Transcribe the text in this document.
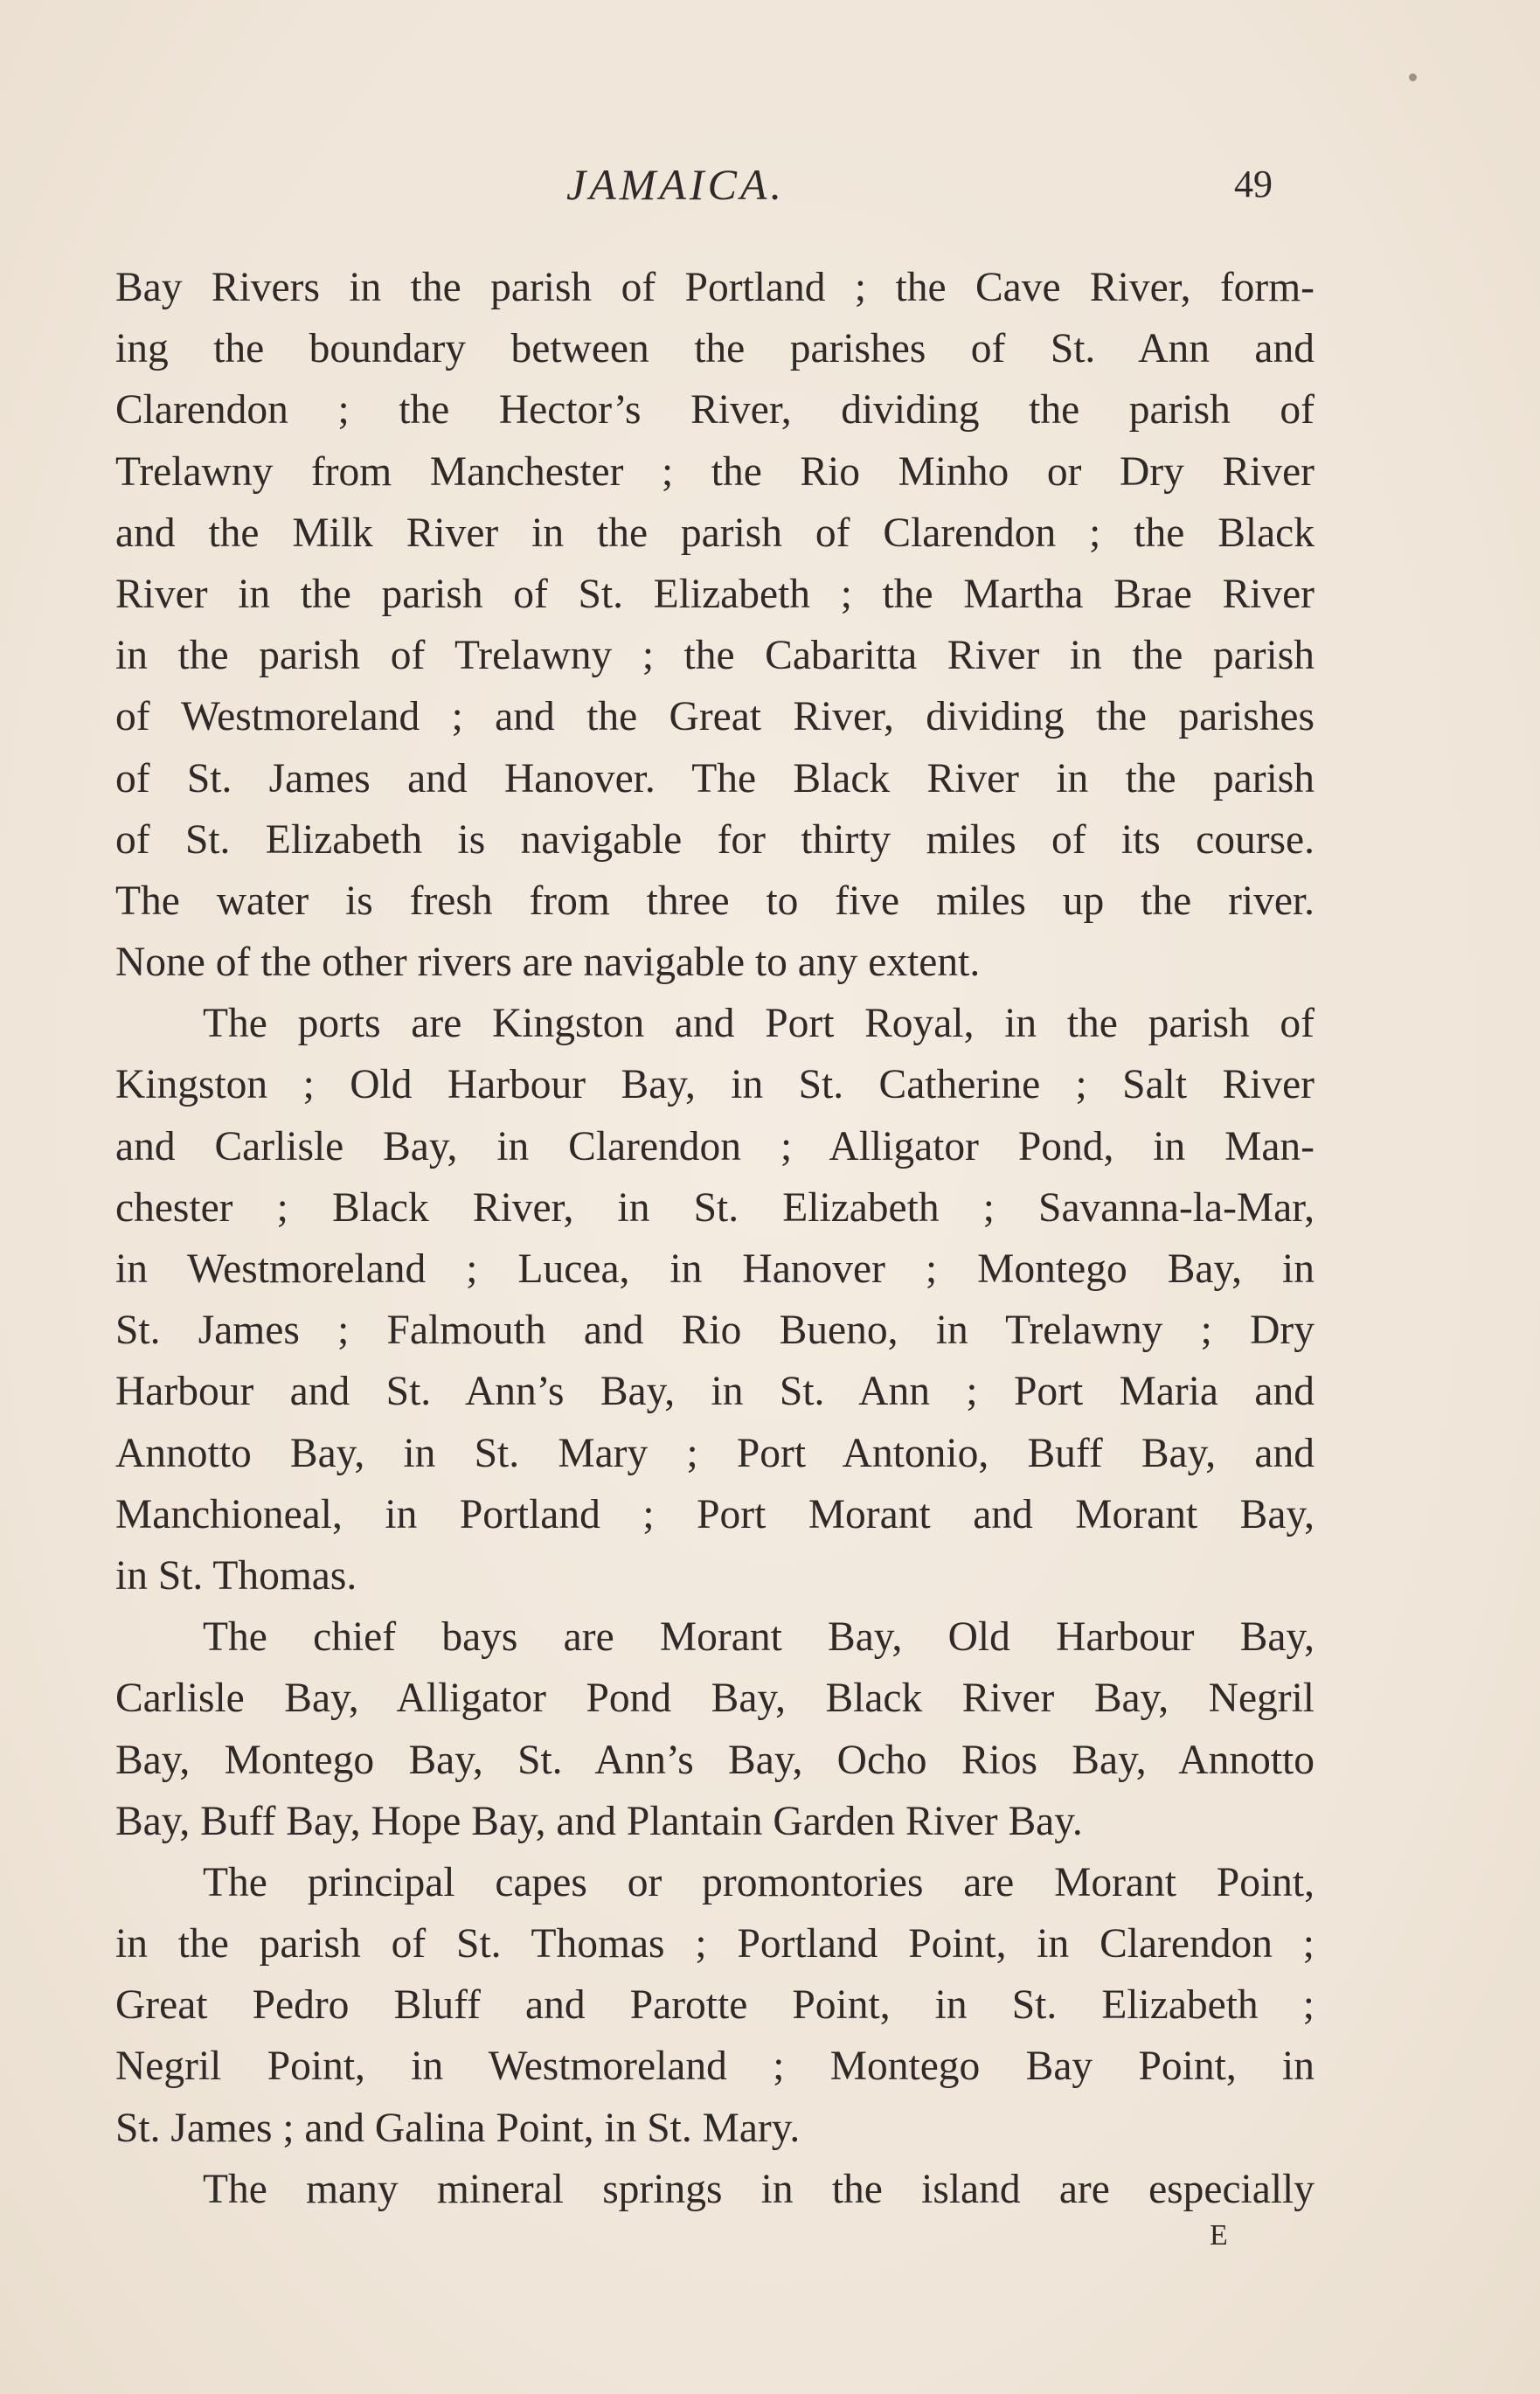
JAMAICA.	49
Bay Rivers in the parish of Portland ; the Cave River, form-
ing the boundary between the parishes of St. Ann and
Clarendon ; the Hector’s River, dividing the parish of
Trelawny from Manchester ; the Rio Minho or Dry River
and the Milk River in the parish of Clarendon ; the Black
River in the parish of St. Elizabeth ; the Martha Brae River
in the parish of Trelawny ; the Cabaritta River in the parish
of Westmoreland ; and the Great River, dividing the parishes
of St. James and Hanover. The Black River in the parish
of St. Elizabeth is navigable for thirty miles of its course.
The water is fresh from three to five miles up the river.
None of the other rivers are navigable to any extent.
The ports are Kingston and Port Royal, in the parish of
Kingston ; Old Harbour Bay, in St. Catherine ; Salt River
and Carlisle Bay, in Clarendon ; Alligator Pond, in Man-
chester ; Black River, in St. Elizabeth ; Savanna-la-Mar,
in Westmoreland ; Lucea, in Hanover ; Montego Bay, in
St. James ; Falmouth and Rio Bueno, in Trelawny ; Dry
Harbour and St. Ann’s Bay, in St. Ann ; Port Maria and
Annotto Bay, in St. Mary ; Port Antonio, Buff Bay, and
Manchioneal, in Portland ; Port Morant and Morant Bay,
in St. Thomas.
The chief bays are Morant Bay, Old Harbour Bay,
Carlisle Bay, Alligator Pond Bay, Black River Bay, Negril
Bay, Montego Bay, St. Ann’s Bay, Ocho Rios Bay, Annotto
Bay, Buff Bay, Hope Bay, and Plantain Garden River Bay.
The principal capes or promontories are Morant Point,
in the parish of St. Thomas ; Portland Point, in Clarendon ;
Great Pedro Bluff and Parotte Point, in St. Elizabeth ;
Negril Point, in Westmoreland ; Montego Bay Point, in
St. James ; and Galina Point, in St. Mary.
The many mineral springs in the island are especially
E
